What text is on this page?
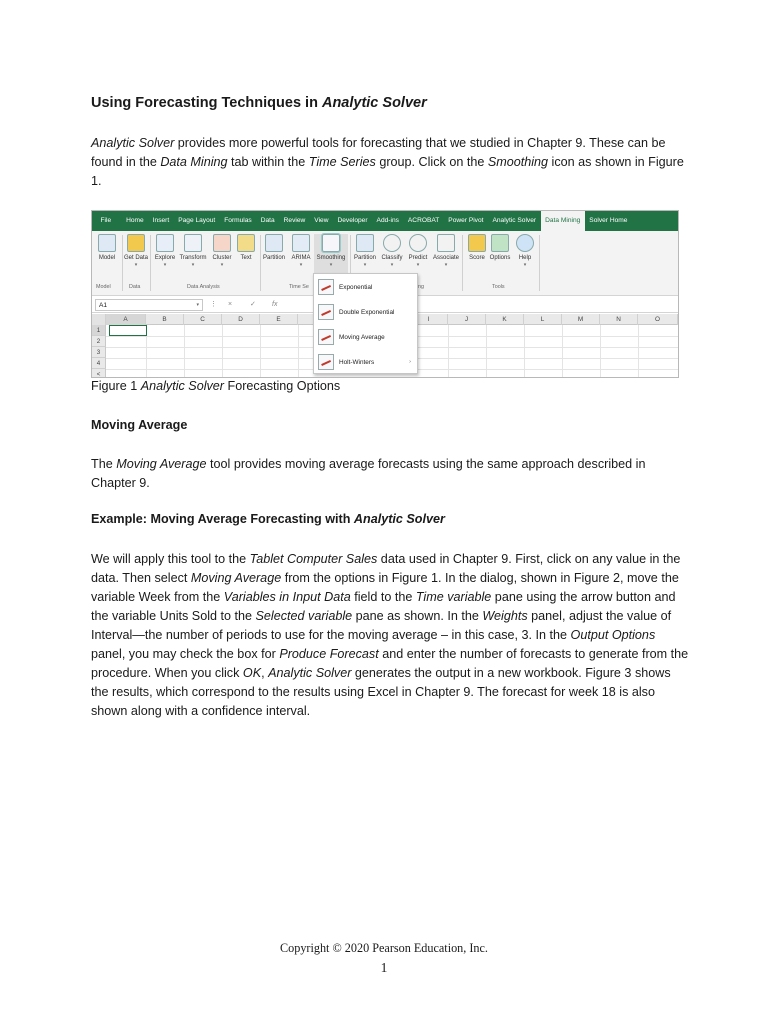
Using Forecasting Techniques in Analytic Solver
Analytic Solver provides more powerful tools for forecasting that we studied in Chapter 9. These can be found in the Data Mining tab within the Time Series group. Click on the Smoothing icon as shown in Figure 1.
File	Home	Insert	Page Layout	Formulas	Data	Review	View	Developer	Add-ins	ACROBAT	Power Pivot	Analytic Solver	Data Mining	Solver Home
Model	Get Data
▾
Explore
▾
Transform
▾
Cluster
▾
Text	Partition	ARIMA
▾
Smoothing
▾
Partition
▾
Classify
▾
Predict
▾
Associate
▾
Score Options	Help
▾
Model	Data	Data Analysis	Time Se	ng	Tools
A1	▾ ⋮ ×	✓ fx
A	B	C	D	E	I	J	K	L	M	N	O
1
2
3
4
<
Exponential
Double Exponential
Moving Average
Holt-Winters	›
Figure 1 Analytic Solver Forecasting Options
Moving Average
The Moving Average tool provides moving average forecasts using the same approach described in Chapter 9.
Example: Moving Average Forecasting with Analytic Solver
We will apply this tool to the Tablet Computer Sales data used in Chapter 9. First, click on any value in the data. Then select Moving Average from the options in Figure 1. In the dialog, shown in Figure 2, move the variable Week from the Variables in Input Data field to the Time variable pane using the arrow button and the variable Units Sold to the Selected variable pane as shown. In the Weights panel, adjust the value of Interval—the number of periods to use for the moving average – in this case, 3. In the Output Options panel, you may check the box for Produce Forecast and enter the number of forecasts to generate from the procedure. When you click OK, Analytic Solver generates the output in a new workbook. Figure 3 shows the results, which correspond to the results using Excel in Chapter 9. The forecast for week 18 is also shown along with a confidence interval.
Copyright © 2020 Pearson Education, Inc.
1
